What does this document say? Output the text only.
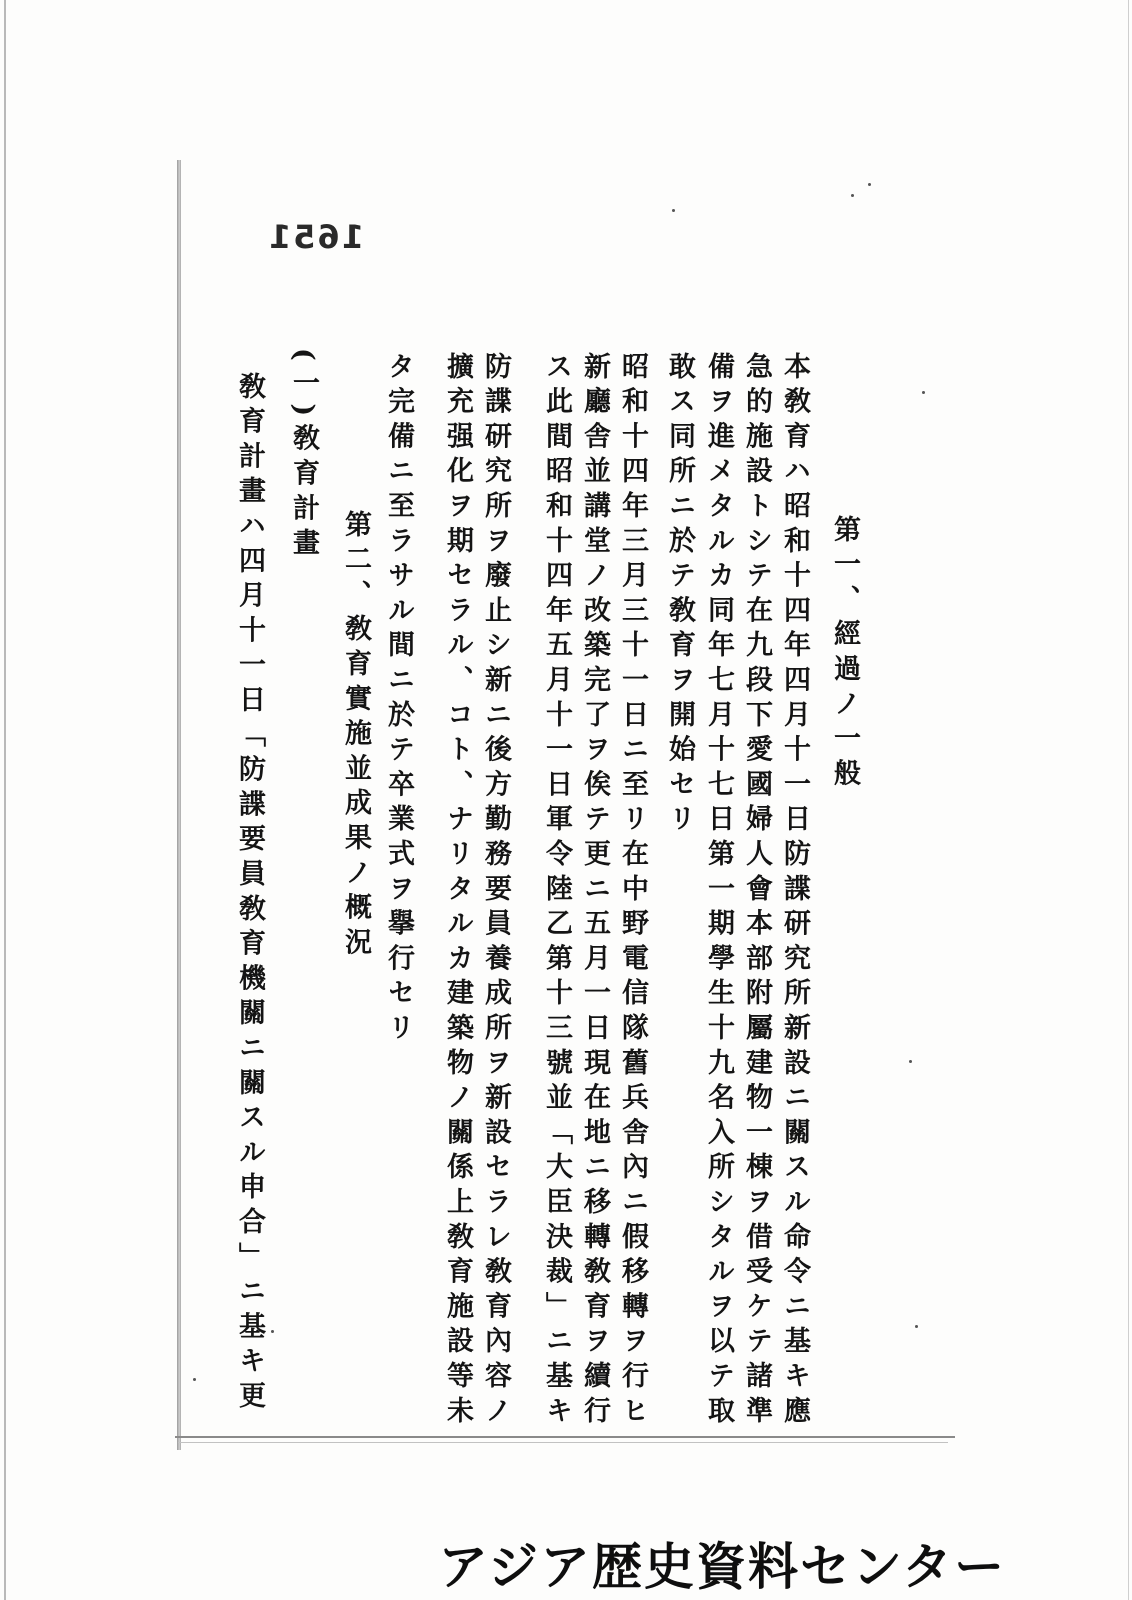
1651
第一、經過ノ一般
本敎育ハ昭和十四年四月十一日防諜研究所新設ニ關スル命令ニ基キ應
急的施設トシテ在九段下愛國婦人會本部附屬建物一棟ヲ借受ケテ諸準
備ヲ進メタルカ同年七月十七日第一期學生十九名入所シタルヲ以テ取
敢ス同所ニ於テ敎育ヲ開始セリ
昭和十四年三月三十一日ニ至リ在中野電信隊舊兵舎內ニ假移轉ヲ行ヒ
新廳舎並講堂ノ改築完了ヲ俟テ更ニ五月一日現在地ニ移轉敎育ヲ續行
ス此間昭和十四年五月十一日軍令陸乙第十三號並「大臣決裁」ニ基キ
防諜研究所ヲ廢止シ新ニ後方勤務要員養成所ヲ新設セラレ敎育內容ノ
擴充强化ヲ期セラル、コト、ナリタルカ建築物ノ關係上敎育施設等未
タ完備ニ至ラサル間ニ於テ卒業式ヲ擧行セリ
第二、敎育實施並成果ノ概況
(一)敎育計畫
敎育計畫ハ四月十一日「防諜要員敎育機關ニ關スル申合」ニ基キ更
アジア歴史資料センター
